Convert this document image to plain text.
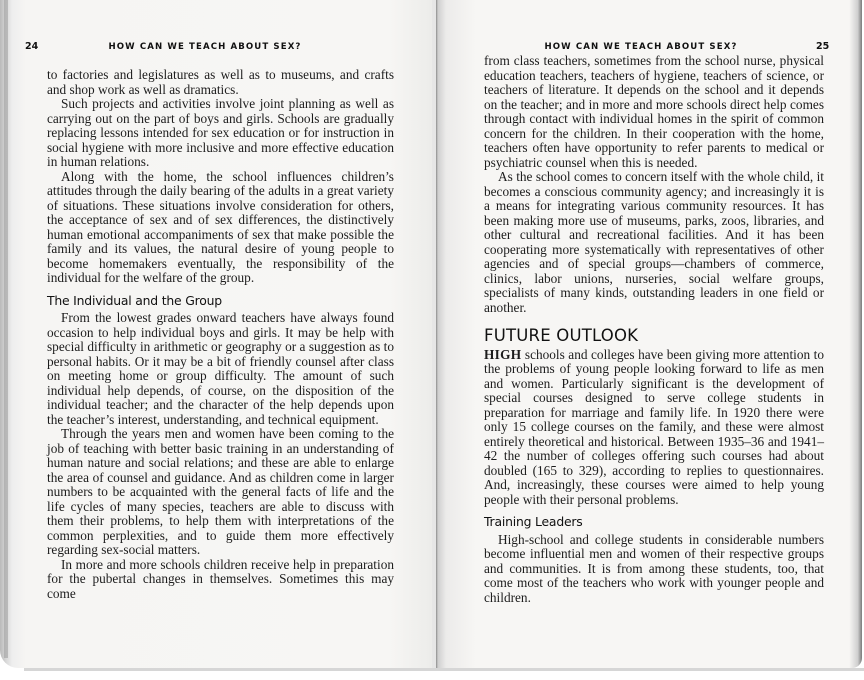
24	HOW CAN WE TEACH ABOUT SEX?

to factories and legislatures as well as to museums, and crafts and shop work as well as dramatics.

Such projects and activities involve joint planning as well as carrying out on the part of boys and girls. Schools are gradually replacing lessons intended for sex education or for instruction in social hygiene with more inclusive and more effective education in human relations.

Along with the home, the school influences children’s attitudes through the daily bearing of the adults in a great variety of situations. These situations involve consideration for others, the acceptance of sex and of sex differences, the distinctively human emotional accompaniments of sex that make possible the family and its values, the natural desire of young people to become homemakers eventually, the responsibility of the individual for the welfare of the group.

The Individual and the Group

From the lowest grades onward teachers have always found occasion to help individual boys and girls. It may be help with special difficulty in arithmetic or geography or a suggestion as to personal habits. Or it may be a bit of friendly counsel after class on meeting home or group difficulty. The amount of such individual help depends, of course, on the disposition of the individual teacher; and the character of the help depends upon the teacher’s interest, understanding, and technical equipment.

Through the years men and women have been coming to the job of teaching with better basic training in an understanding of human nature and social relations; and these are able to enlarge the area of counsel and guidance. And as children come in larger numbers to be acquainted with the general facts of life and the life cycles of many species, teachers are able to discuss with them their problems, to help them with interpretations of the common perplexities, and to guide them more effectively regarding sex-social matters.

In more and more schools children receive help in preparation for the pubertal changes in themselves. Sometimes this may come

HOW CAN WE TEACH ABOUT SEX?	25

from class teachers, sometimes from the school nurse, physical education teachers, teachers of hygiene, teachers of science, or teachers of literature. It depends on the school and it depends on the teacher; and in more and more schools direct help comes through contact with individual homes in the spirit of common concern for the children. In their cooperation with the home, teachers often have opportunity to refer parents to medical or psychiatric counsel when this is needed.

As the school comes to concern itself with the whole child, it becomes a conscious community agency; and increasingly it is a means for integrating various community resources. It has been making more use of museums, parks, zoos, libraries, and other cultural and recreational facilities. And it has been cooperating more systematically with representatives of other agencies and of special groups—chambers of commerce, clinics, labor unions, nurseries, social welfare groups, specialists of many kinds, outstanding leaders in one field or another.

FUTURE OUTLOOK

HIGH schools and colleges have been giving more attention to the problems of young people looking forward to life as men and women. Particularly significant is the development of special courses designed to serve college students in preparation for marriage and family life. In 1920 there were only 15 college courses on the family, and these were almost entirely theoretical and historical. Between 1935–36 and 1941–42 the number of colleges offering such courses had about doubled (165 to 329), according to replies to questionnaires. And, increasingly, these courses were aimed to help young people with their personal problems.

Training Leaders

High-school and college students in considerable numbers become influential men and women of their respective groups and communities. It is from among these students, too, that come most of the teachers who work with younger people and children.
